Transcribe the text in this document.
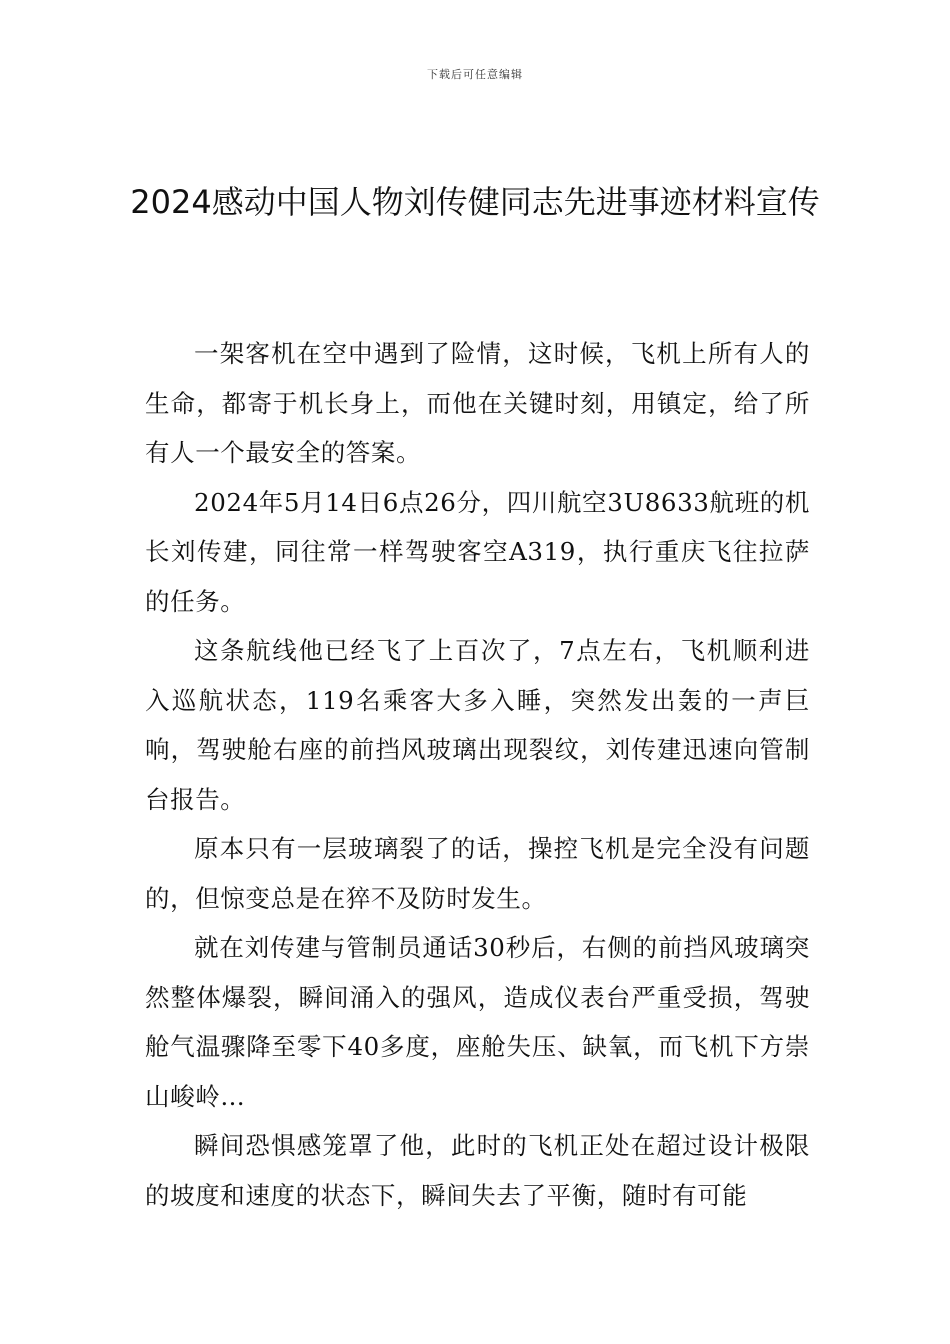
下载后可任意编辑
2024感动中国人物刘传健同志先进事迹材料宣传

一架客机在空中遇到了险情，这时候，飞机上所有人的生命，都寄于机长身上，而他在关键时刻，用镇定，给了所有人一个最安全的答案。

2024年5月14日6点26分，四川航空3U8633航班的机长刘传建，同往常一样驾驶客空A319，执行重庆飞往拉萨的任务。

这条航线他已经飞了上百次了，7点左右，飞机顺利进入巡航状态，119名乘客大多入睡，突然发出轰的一声巨响，驾驶舱右座的前挡风玻璃出现裂纹，刘传建迅速向管制台报告。

原本只有一层玻璃裂了的话，操控飞机是完全没有问题的，但惊变总是在猝不及防时发生。

就在刘传建与管制员通话30秒后，右侧的前挡风玻璃突然整体爆裂，瞬间涌入的强风，造成仪表台严重受损，驾驶舱气温骤降至零下40多度，座舱失压、缺氧，而飞机下方崇山峻岭…

瞬间恐惧感笼罩了他，此时的飞机正处在超过设计极限的坡度和速度的状态下，瞬间失去了平衡，随时有可能
